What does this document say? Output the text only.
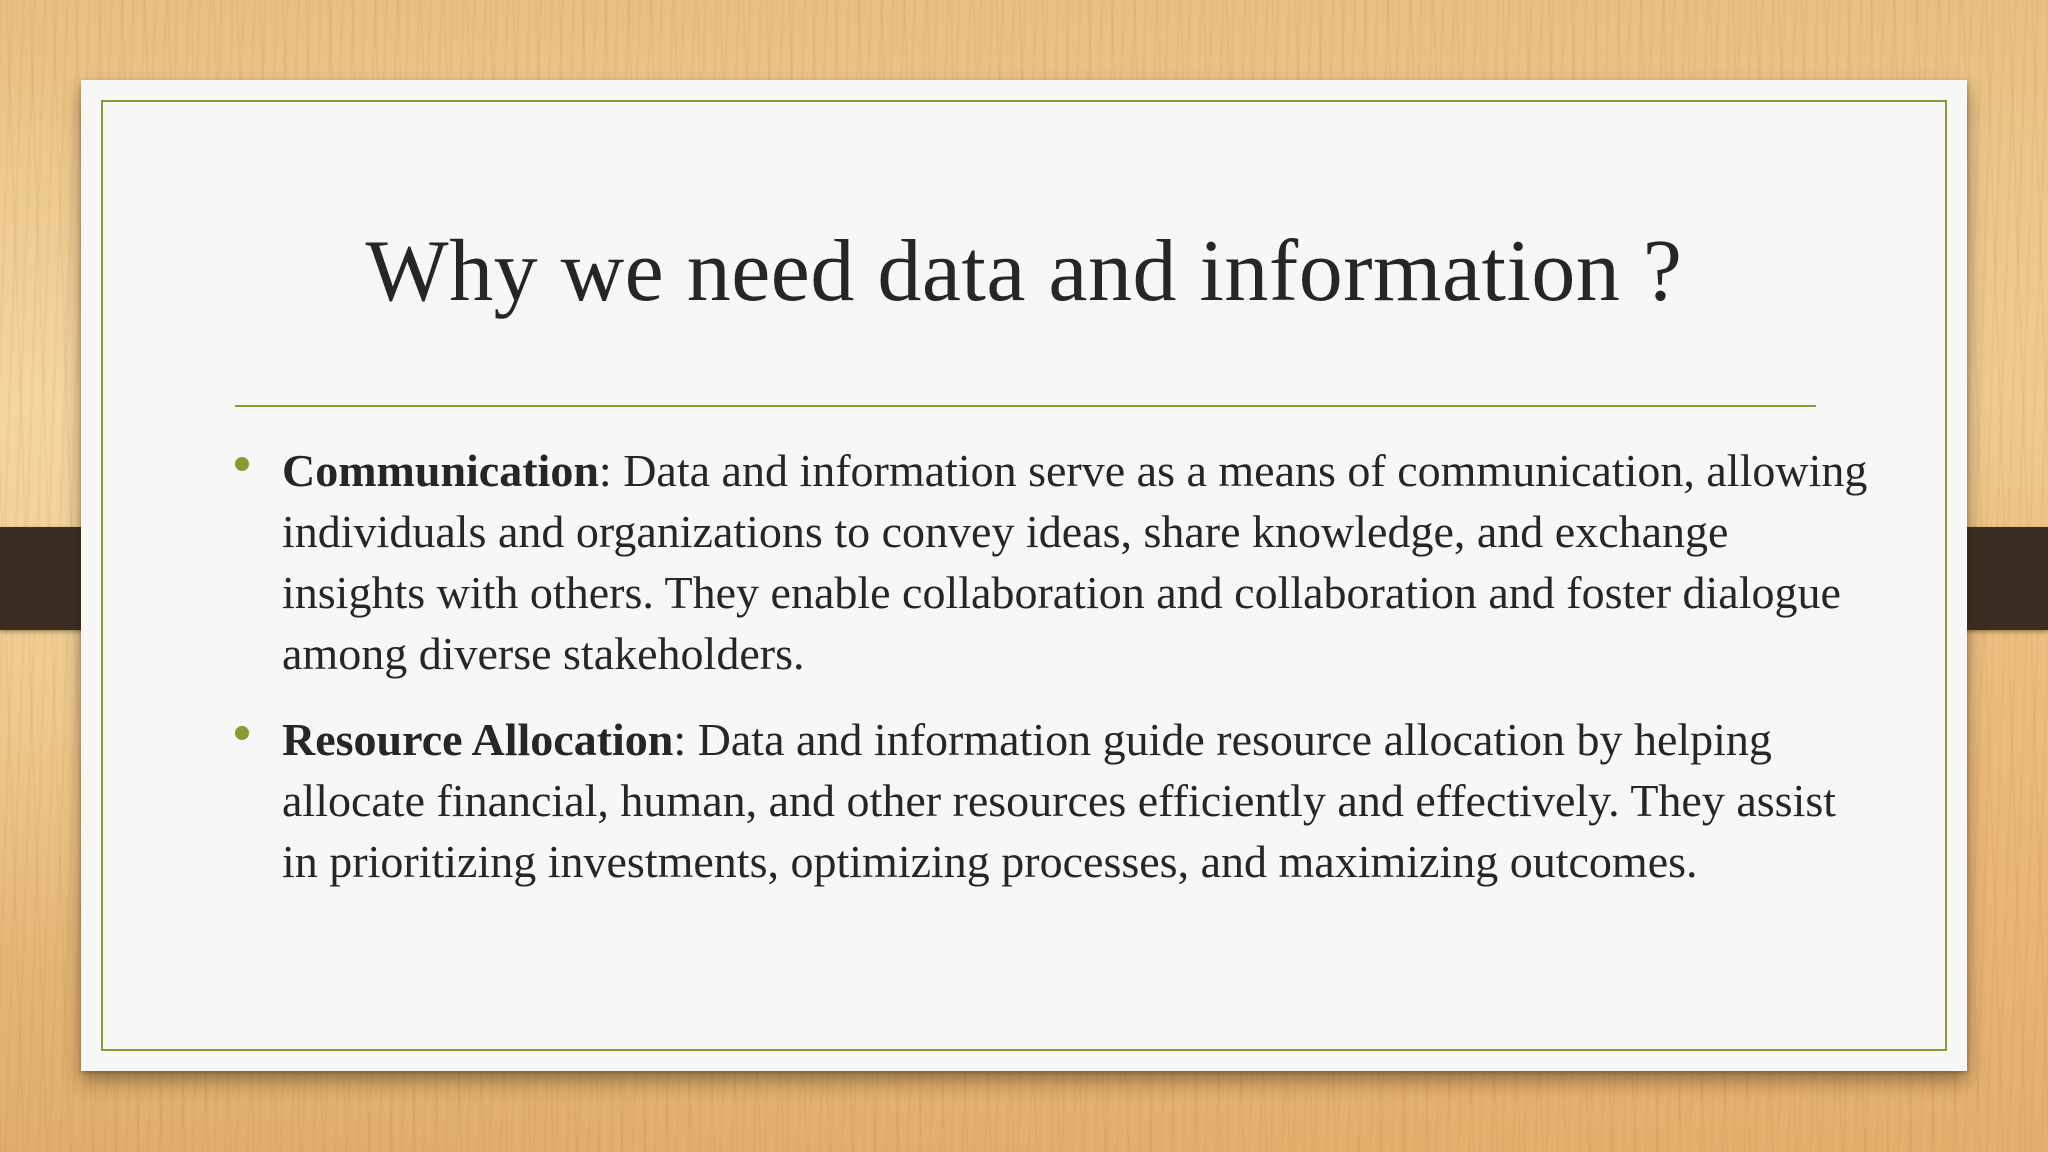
Why we need data and information ?
Communication: Data and information serve as a means of communication, allowing individuals and organizations to convey ideas, share knowledge, and exchange insights with others. They enable collaboration and collaboration and foster dialogue among diverse stakeholders.
Resource Allocation: Data and information guide resource allocation by helping allocate financial, human, and other resources efficiently and effectively. They assist in prioritizing investments, optimizing processes, and maximizing outcomes.
